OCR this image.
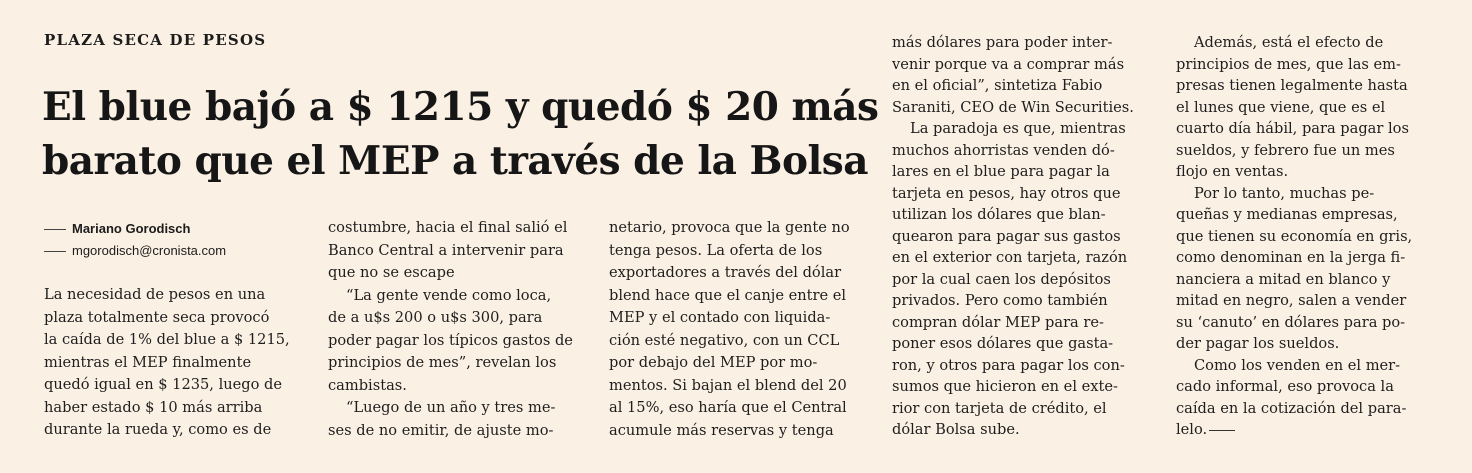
PLAZA SECA DE PESOS
El blue bajó a $ 1215 y quedó $ 20 más
barato que el MEP a través de la Bolsa
Mariano Gorodisch
mgorodisch@cronista.com
La necesidad de pesos en una
plaza totalmente seca provocó
la caída de 1% del blue a $ 1215,
mientras el MEP finalmente
quedó igual en $ 1235, luego de
haber estado $ 10 más arriba
durante la rueda y, como es de
costumbre, hacia el final salió el
Banco Central a intervenir para
que no se escape
“La gente vende como loca,
de a u$s 200 o u$s 300, para
poder pagar los típicos gastos de
principios de mes”, revelan los
cambistas.
“Luego de un año y tres me-
ses de no emitir, de ajuste mo-
netario, provoca que la gente no
tenga pesos. La oferta de los
exportadores a través del dólar
blend hace que el canje entre el
MEP y el contado con liquida-
ción esté negativo, con un CCL
por debajo del MEP por mo-
mentos. Si bajan el blend del 20
al 15%, eso haría que el Central
acumule más reservas y tenga
más dólares para poder inter-
venir porque va a comprar más
en el oficial”, sintetiza Fabio
Saraniti, CEO de Win Securities.
La paradoja es que, mientras
muchos ahorristas venden dó-
lares en el blue para pagar la
tarjeta en pesos, hay otros que
utilizan los dólares que blan-
quearon para pagar sus gastos
en el exterior con tarjeta, razón
por la cual caen los depósitos
privados. Pero como también
compran dólar MEP para re-
poner esos dólares que gasta-
ron, y otros para pagar los con-
sumos que hicieron en el exte-
rior con tarjeta de crédito, el
dólar Bolsa sube.
Además, está el efecto de
principios de mes, que las em-
presas tienen legalmente hasta
el lunes que viene, que es el
cuarto día hábil, para pagar los
sueldos, y febrero fue un mes
flojo en ventas.
Por lo tanto, muchas pe-
queñas y medianas empresas,
que tienen su economía en gris,
como denominan en la jerga fi-
nanciera a mitad en blanco y
mitad en negro, salen a vender
su ‘canuto’ en dólares para po-
der pagar los sueldos.
Como los venden en el mer-
cado informal, eso provoca la
caída en la cotización del para-
lelo.
